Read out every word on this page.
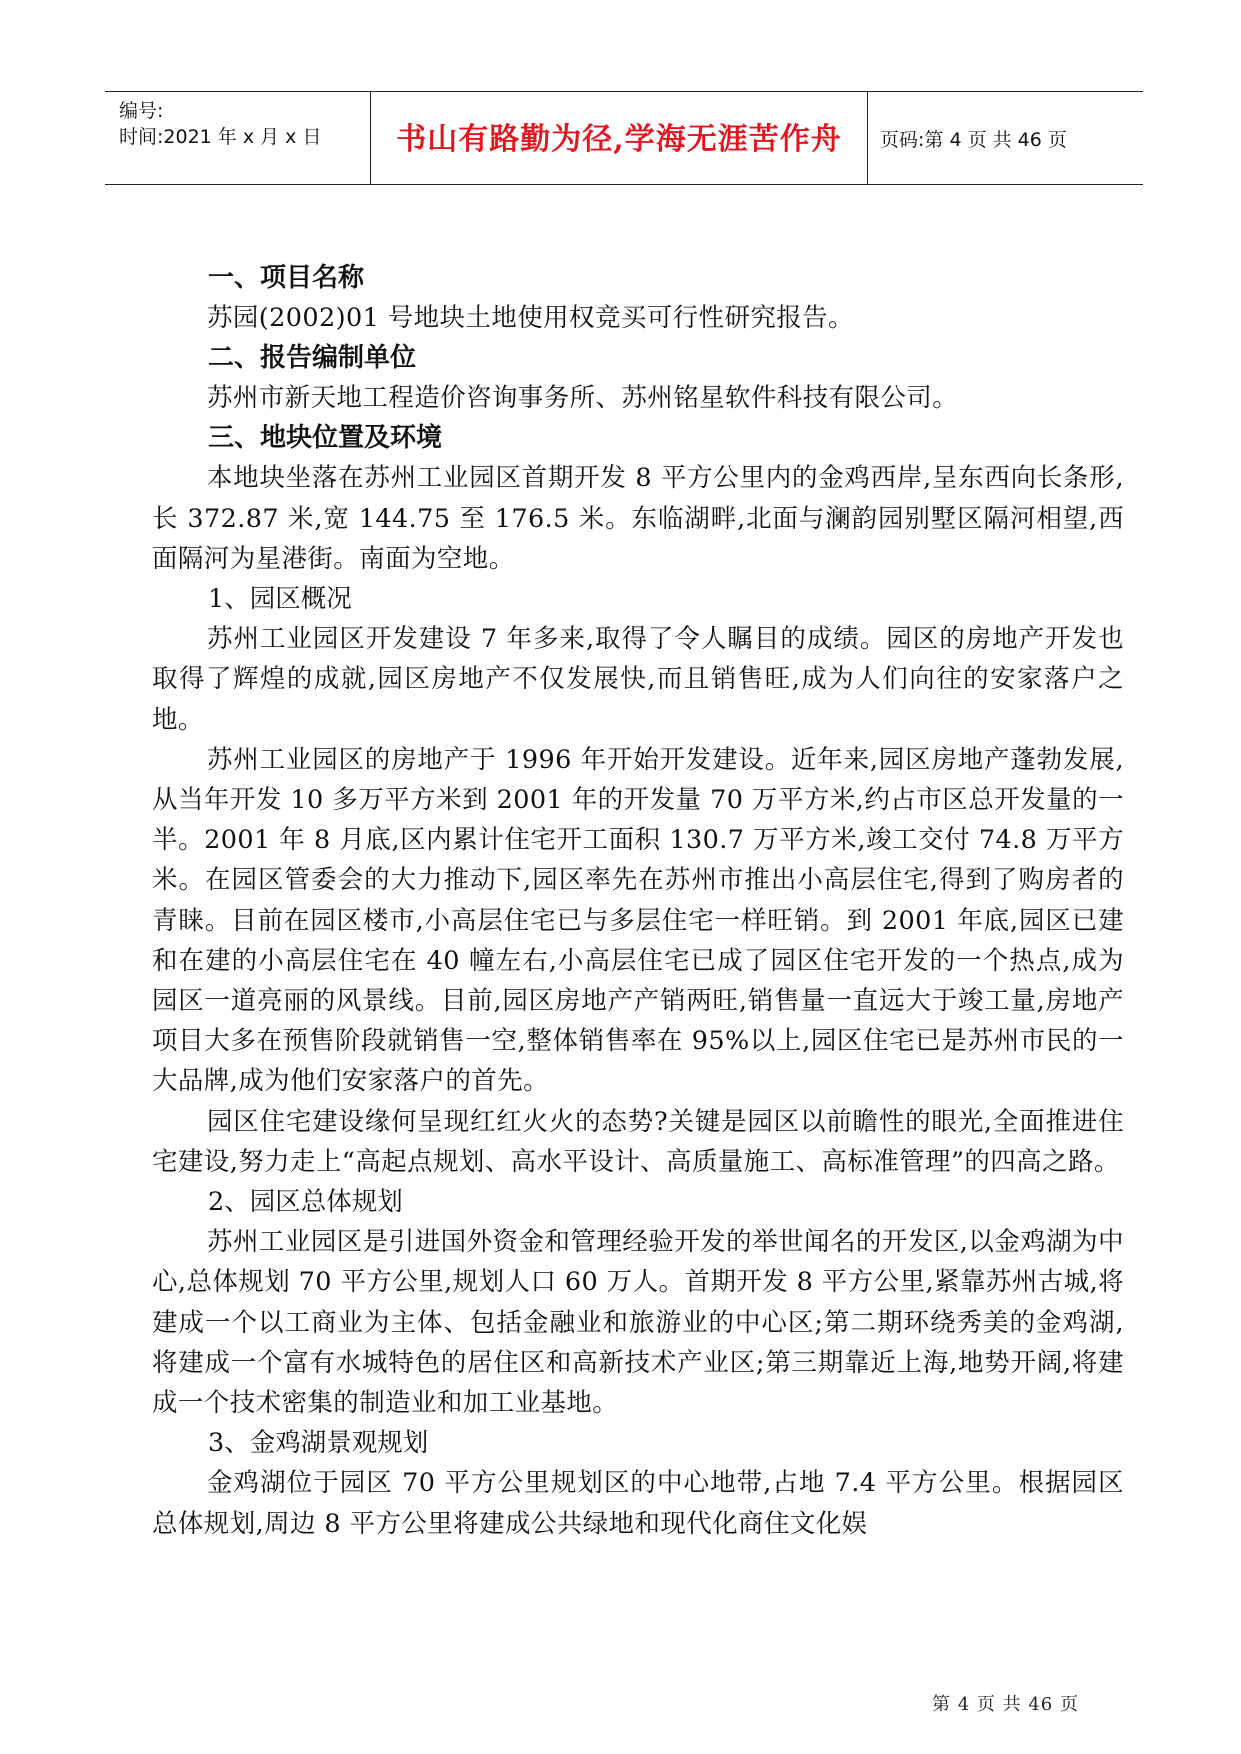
编号:
时间:2021 年 x 月 x 日	书山有路勤为径,学海无涯苦作舟	页码:第 4 页 共 46 页
一、项目名称

苏园(2002)01 号地块土地使用权竞买可行性研究报告。

二、报告编制单位

苏州市新天地工程造价咨询事务所、苏州铭星软件科技有限公司。

三、地块位置及环境

本地块坐落在苏州工业园区首期开发 8 平方公里内的金鸡西岸,呈东西向长条形,长 372.87 米,宽 144.75 至 176.5 米。东临湖畔,北面与澜韵园别墅区隔河相望,西面隔河为星港街。南面为空地。

1、园区概况

苏州工业园区开发建设 7 年多来,取得了令人瞩目的成绩。园区的房地产开发也取得了辉煌的成就,园区房地产不仅发展快,而且销售旺,成为人们向往的安家落户之地。

苏州工业园区的房地产于 1996 年开始开发建设。近年来,园区房地产蓬勃发展,从当年开发 10 多万平方米到 2001 年的开发量 70 万平方米,约占市区总开发量的一半。2001 年 8 月底,区内累计住宅开工面积 130.7 万平方米,竣工交付 74.8 万平方米。在园区管委会的大力推动下,园区率先在苏州市推出小高层住宅,得到了购房者的青睐。目前在园区楼市,小高层住宅已与多层住宅一样旺销。到 2001 年底,园区已建和在建的小高层住宅在 40 幢左右,小高层住宅已成了园区住宅开发的一个热点,成为园区一道亮丽的风景线。目前,园区房地产产销两旺,销售量一直远大于竣工量,房地产项目大多在预售阶段就销售一空,整体销售率在 95%以上,园区住宅已是苏州市民的一大品牌,成为他们安家落户的首先。

园区住宅建设缘何呈现红红火火的态势?关键是园区以前瞻性的眼光,全面推进住宅建设,努力走上“高起点规划、高水平设计、高质量施工、高标准管理”的四高之路。

2、园区总体规划

苏州工业园区是引进国外资金和管理经验开发的举世闻名的开发区,以金鸡湖为中心,总体规划 70 平方公里,规划人口 60 万人。首期开发 8 平方公里,紧靠苏州古城,将建成一个以工商业为主体、包括金融业和旅游业的中心区;第二期环绕秀美的金鸡湖,将建成一个富有水城特色的居住区和高新技术产业区;第三期靠近上海,地势开阔,将建成一个技术密集的制造业和加工业基地。

3、金鸡湖景观规划

金鸡湖位于园区 70 平方公里规划区的中心地带,占地 7.4 平方公里。根据园区总体规划,周边 8 平方公里将建成公共绿地和现代化商住文化娱

第 4 页 共 46 页
